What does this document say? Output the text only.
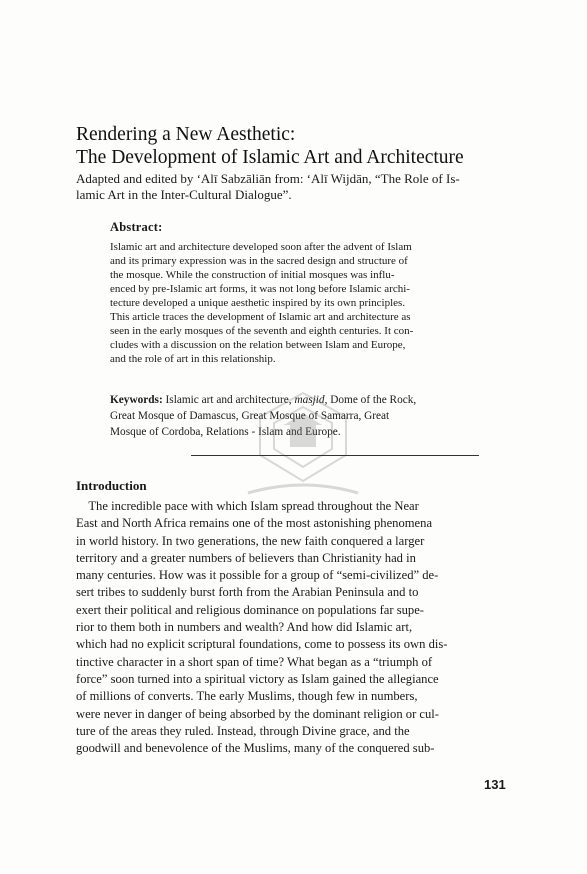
Rendering a New Aesthetic:
The Development of Islamic Art and Architecture
Adapted and edited by ‘Alī Sabzāliān from: ‘Alī Wijdān, “The Role of Is-
lamic Art in the Inter-Cultural Dialogue”.
Abstract:
Islamic art and architecture developed soon after the advent of Islam
and its primary expression was in the sacred design and structure of
the mosque. While the construction of initial mosques was influ-
enced by pre-Islamic art forms, it was not long before Islamic archi-
tecture developed a unique aesthetic inspired by its own principles.
This article traces the development of Islamic art and architecture as
seen in the early mosques of the seventh and eighth centuries. It con-
cludes with a discussion on the relation between Islam and Europe,
and the role of art in this relationship.
Keywords: Islamic art and architecture, masjid, Dome of the Rock,
Great Mosque of Damascus, Great Mosque of Samarra, Great
Mosque of Cordoba, Relations - Islam and Europe.
Introduction
The incredible pace with which Islam spread throughout the Near
East and North Africa remains one of the most astonishing phenomena
in world history. In two generations, the new faith conquered a larger
territory and a greater numbers of believers than Christianity had in
many centuries. How was it possible for a group of “semi-civilized” de-
sert tribes to suddenly burst forth from the Arabian Peninsula and to
exert their political and religious dominance on populations far supe-
rior to them both in numbers and wealth? And how did Islamic art,
which had no explicit scriptural foundations, come to possess its own dis-
tinctive character in a short span of time? What began as a “triumph of
force” soon turned into a spiritual victory as Islam gained the allegiance
of millions of converts. The early Muslims, though few in numbers,
were never in danger of being absorbed by the dominant religion or cul-
ture of the areas they ruled. Instead, through Divine grace, and the
goodwill and benevolence of the Muslims, many of the conquered sub-
131
